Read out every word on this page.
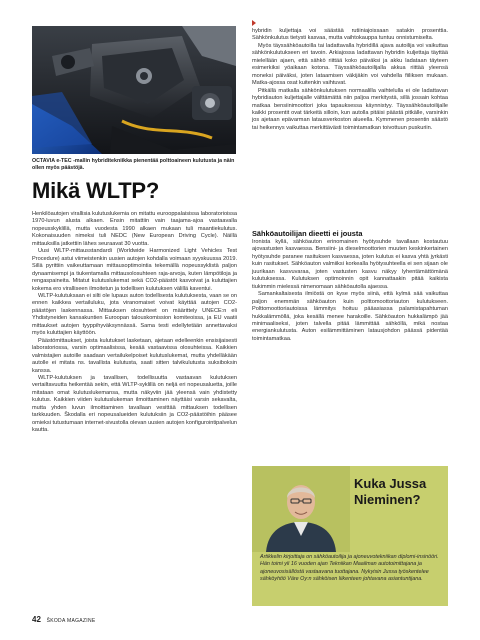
OCTAVIA e-TEC -mallin hybriditekniikka pienentää polttoaineen kulutusta ja näin ollen myös päästöjä.
Mikä WLTP?

Henkilöautojen virallisia kulutuslukemia on mitattu eurooppalaisissa laboratorioissa 1970-luvun alusta alkaen. Ensin mitattiin vain taajama-ajoa vastaavalla nopeusskyklillä, mutta vuodesta 1990 alkaen mukaan tuli maantiekulutus. Kokonaisuuden nimeksi tuli NEDC (New European Driving Cycle). Näillä mittauksilla jatkettiin lähes seuraavat 30 vuotta.

Uusi WLTP-mittausstandardi (Worldwide Harmonized Light Vehicles Test Procedure) astui viimeistenkin uusien autojen kohdalla voimaan syyskuussa 2019. Sillä pyrittiin vaikeuttamaan mittausoptimointia tekemällä nopeussyklistä paljon dynaamisempi ja tiukentamalla mittausolosuhteen raja-arvoja, kuten lämpötiloja ja rengaspaineita. Mitatut kulutuslukemat sekä CO2-päästöt kasvoivat ja kuluttajien kokema ero viralliseen ilmoitetun ja todellisen kulutuksen välillä kaventui.

WLTP-kulutuksaan ei silti ole lupaus auton todellisesta kulutuksesta, vaan se on ennen kaikkea vertailuluku, jota viranomaiset voivat käyttää autojen CO2-päästöjen laskennassa. Mittauksen olosuhteet on määrittely UNECE:n eli Yhdistyneiden kansakuntien Euroopan talouskomission komiteoissa, ja EU vaatii mittaukset autojen tyyppihyväksynnässä. Sama testi edellytetään annettavaksi myös kuluttajien käyttöön.

Päästömittaukset, joista kulutukset lasketaan, ajetaan edelleenkin ensisijaisesti laboratoriossa, varsin optimaalisissa, kesää vastaavissa olosuhteissa. Kaikkien valmistajien autoille saadaan vertailukelpoiset kulutuslukemat, mutta yhdelläkään autolle ei mitata ns. tavallista kulutusta, saati sitten talvikulutusta suksiboksin kanssa.

WLTP-kulutuksen ja tavallisen, todellisuutta vastaavan kulutuksen vertailtavuutta heikentää sekin, että WLTP-syklillä on neljä eri nopeusaluetta, joille mitataan omat kulutuslukemansa, mutta näkyviin jää yleensä vain yhdistetty kulutus. Kaikkien viiden kulutuslukeman ilmoittaminen näyttäisi varsin sekavalta, mutta yhden luvun ilmoittaminen tavallaan vesittää mittauksen todellisen tarkkuuden. Škodalla eri nopeusalueiden kulutuksiin ja CO2-päästöihin pääsee omieksi tutustumaan internet-sivustolla olevan uusien autojen konfigurointipalvelun kautta.

hybridin kuljettaja voi säästää rutiiniajoissaan satakin prosenttia. Sähkönkulutus tietysti kasvaa, mutta vaihtokauppa tuntuu onnistumiselta.

Myös täyssähköautoilla tai ladattavalla hybridillä ajava autoilija voi vaikuttaa sähkönkulutukseen eri tavoin. Arkiajossa ladattavan hybridin kuljettaja täyttää mielellään ajaen, että sähkö riittää koko päiväksi ja akku ladataan täyteen esimerkiksi yöaikaan kotona. Täyssähköautoilijalla akkua riittää yleensä moneksi päiväksi, joten lataamisen väkijäkin voi vahdella fiiliksen mukaan. Matka-ajossa osat kuitenkin vaihtuvat.

Pitkällä matkalla sähkönkulutuksen normaalilla vaihtelulla ei ole ladattavan hybridiauton kuljettajalle välttämättä niin paljoa merkitystä, sillä jossain kohtaa matkaa bensiinimoottori joka tapauksessa käynnistyy. Täyssähköautoilijalle kaikki prosentit ovat tärkeitä silloin, kun autolla pitäisi päästä pitkälle, varsinkin jos ajetaan epävarman latausverkoston alueella. Kymmenen prosentin säästö tai heikennys vaikuttaa merkittävästi toimintamatkan toivottuun puskuriin.

Sähköautoilijan dieetti ei jousta

Ironista kyllä, sähköauton erinomainen hyötysuhde tavallaan kostautuu ajovastusten kasvaessa. Bensiini- ja dieselmoottorien muuten keskinkertainen hyötysuhde paranee rasituksen kasvaessa, joten kulutus ei kasva yhtä jyrkästi kuin rasitukset. Sähköauton valmiiksi korkealla hyötysuhteella ei sen sijaan ole juurikaan kasvuvaraa, joten vastusten kasvu näkyy lyhentämättömänä kulutuksessa. Kulutuksen optimoinnin opit kannattaakin pitää kaikista tiukimmin mielessä nimenomaan sähköautolla ajaessa.

Samankaltaisesta ilmiöstä on kyse myös siinä, että kylmä sää vaikuttaa paljon enemmän sähköauton kuin polttomoottoriauton kulutukseen. Polttomoottoriautoissa lämmitys hoituu pääasiassa palamistapahtuman hukkalämmöllä, joka kesällä menee harakoille. Sähköauton hukkalämpö jää minimaaliseksi, joten talvella pitää lämmittää sähköllä, mikä nostaa energiankulutusta. Auton esilämmittäminen latausjohdon päässä pidentää toimintamatkaa.

Kuka Jussa Nieminen?
Artikkelin kirjoittaja on sähköautoilija ja ajoneuvotekniikan diplomi-insinööri. Hän toimi yli 16 vuoden ajan Tekniikan Maailman autotoimittajana ja ajoneuvosisällöstä vastaavana tuottajana. Nykyisin Jussa työskentelee sähköyhtiö Väre Oy:n sähköisen liikenteen johtavana asiantuntijana.
42 ŠKODA MAGAZINE
